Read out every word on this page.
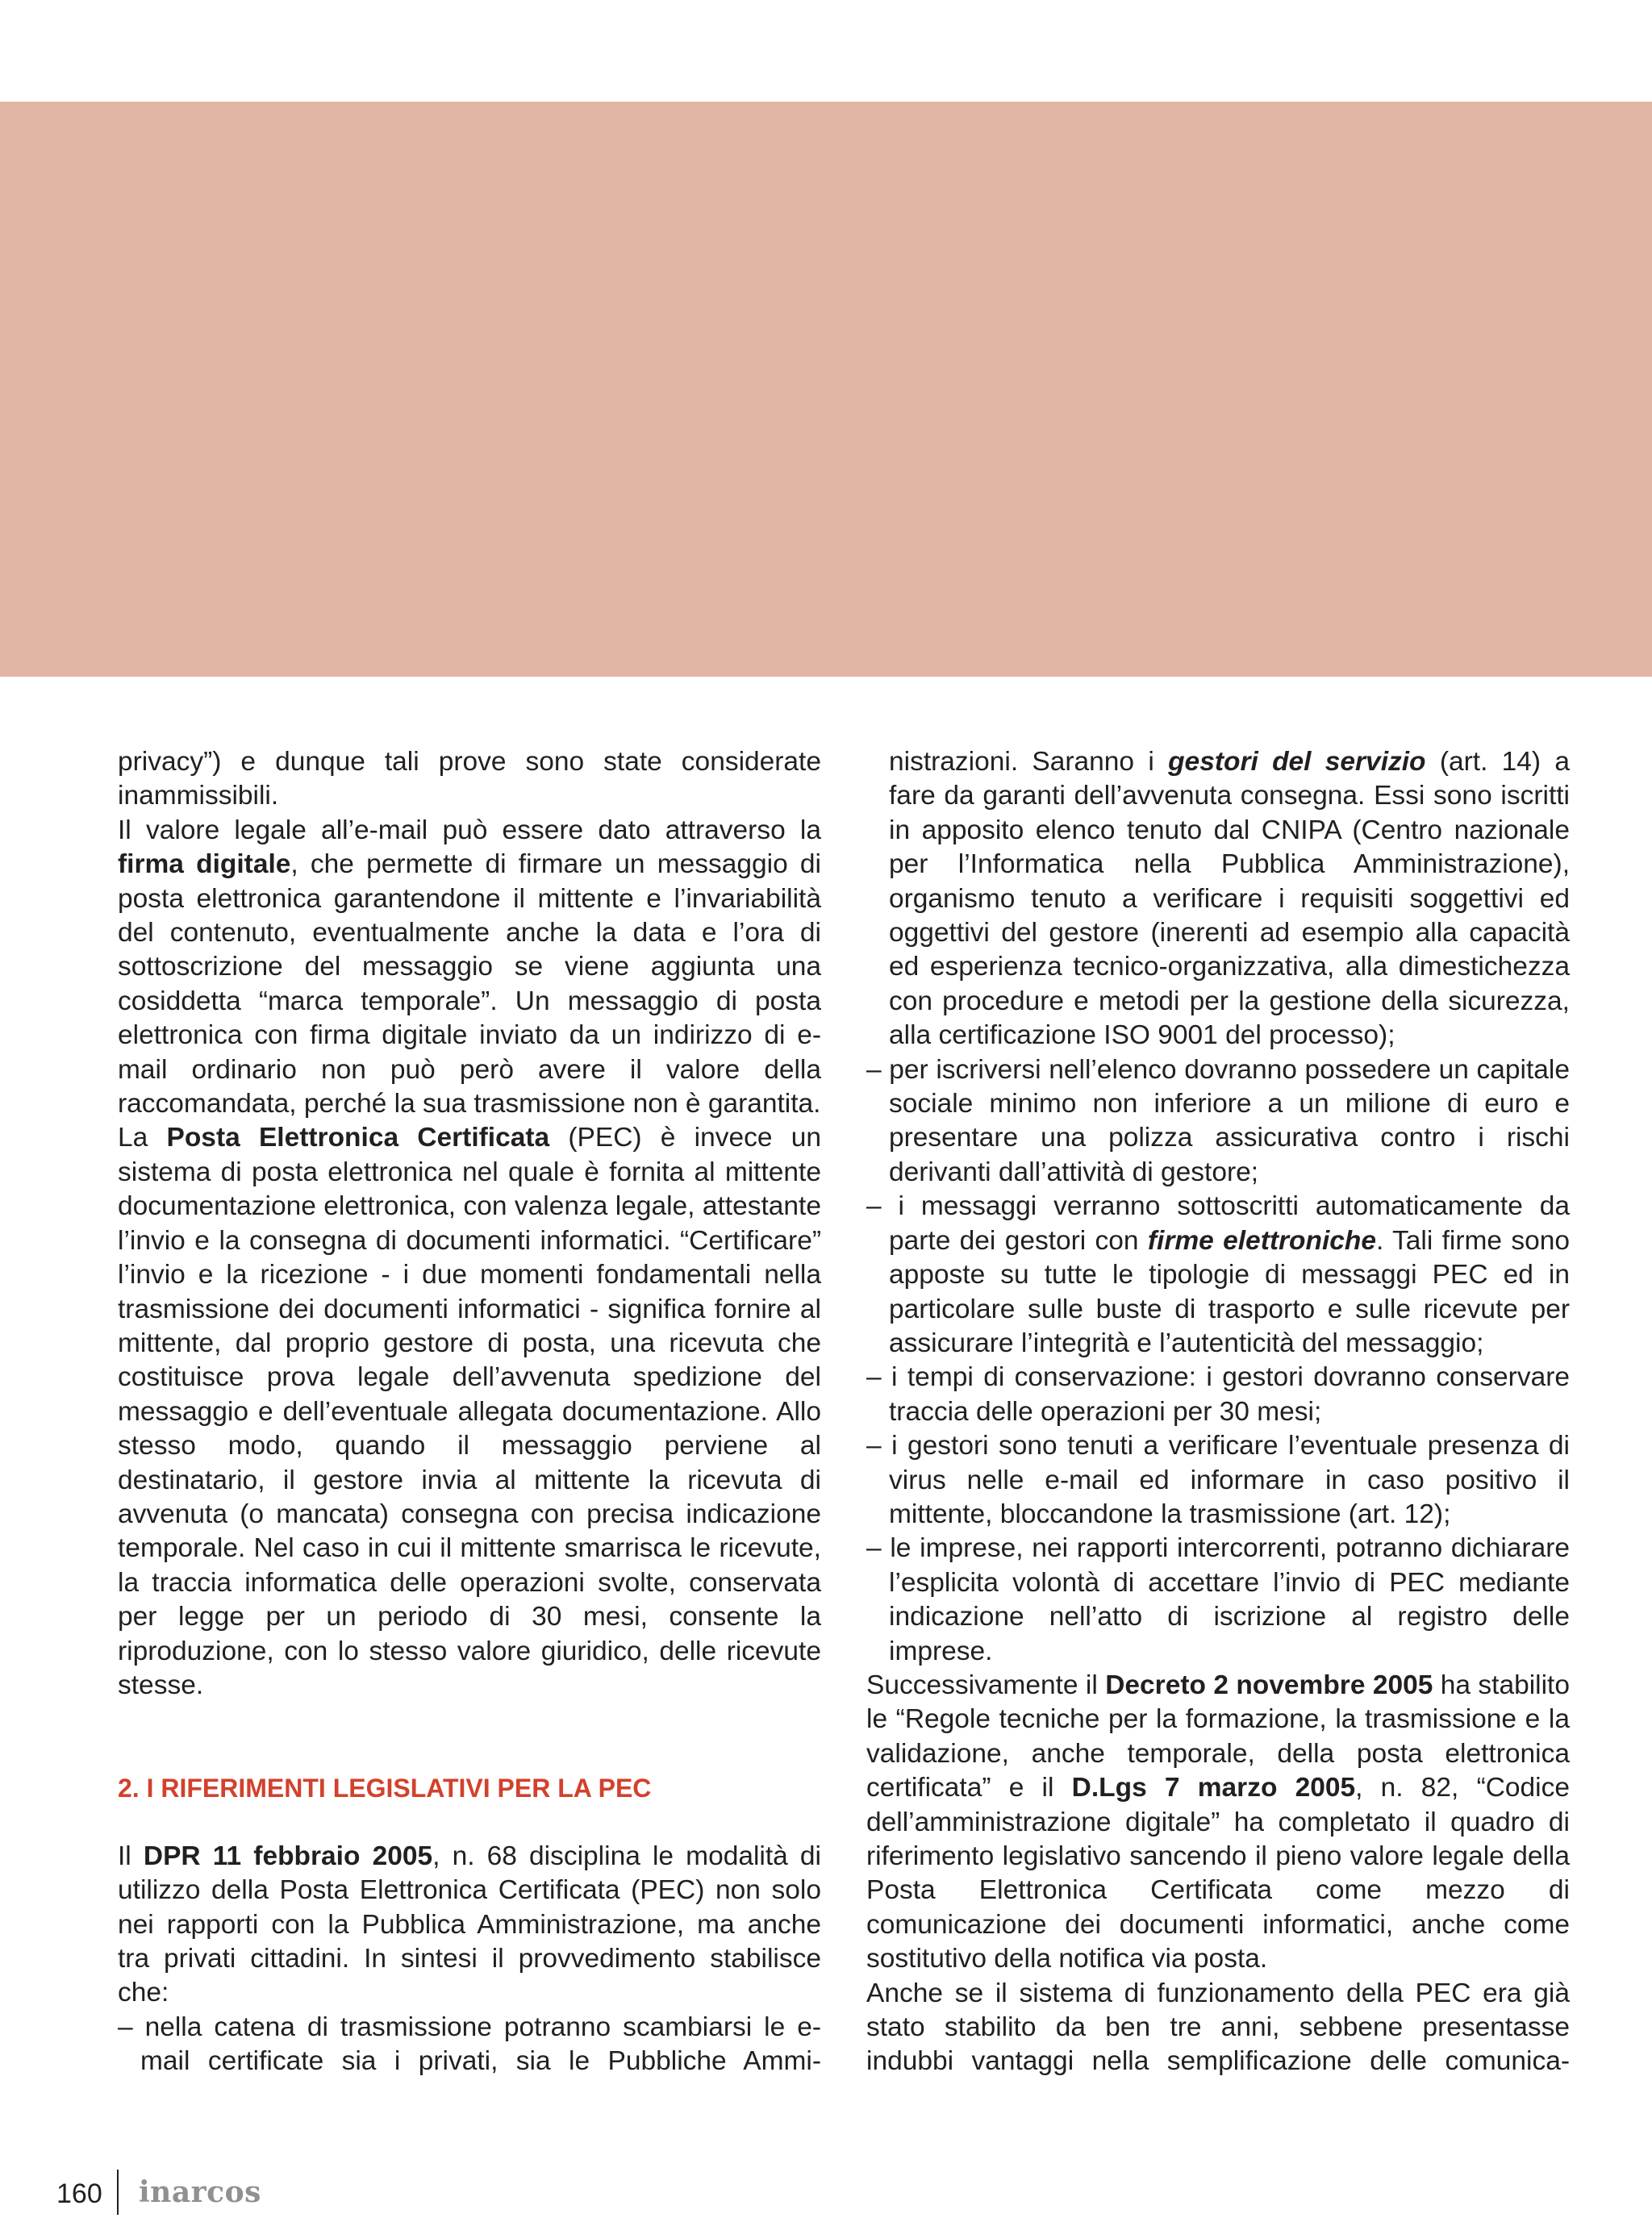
privacy”) e dunque tali prove sono state considerate inammissibili.

Il valore legale all’e-mail può essere dato attraverso la firma digitale, che permette di firmare un messaggio di posta elettronica garantendone il mittente e l’invariabilità del contenuto, eventualmente anche la data e l’ora di sottoscrizione del messaggio se viene aggiunta una cosiddetta “marca temporale”. Un messaggio di posta elettronica con firma digitale inviato da un indirizzo di e-mail ordinario non può però avere il valore della raccomandata, perché la sua trasmissione non è garantita.

La Posta Elettronica Certificata (PEC) è invece un sistema di posta elettronica nel quale è fornita al mittente documentazione elettronica, con valenza legale, attestante l’invio e la consegna di documenti informatici. “Certificare” l’invio e la ricezione - i due momenti fondamentali nella trasmissione dei documenti informatici - significa fornire al mittente, dal proprio gestore di posta, una ricevuta che costituisce prova legale dell’avvenuta spedizione del messaggio e dell’eventuale allegata documentazione. Allo stesso modo, quando il messaggio perviene al destinatario, il gestore invia al mittente la ricevuta di avvenuta (o mancata) consegna con precisa indicazione temporale. Nel caso in cui il mittente smarrisca le ricevute, la traccia informatica delle operazioni svolte, conservata per legge per un periodo di 30 mesi, consente la riproduzione, con lo stesso valore giuridico, delle ricevute stesse.

2. I RIFERIMENTI LEGISLATIVI PER LA PEC

Il DPR 11 febbraio 2005, n. 68 disciplina le modalità di utilizzo della Posta Elettronica Certificata (PEC) non solo nei rapporti con la Pubblica Amministrazione, ma anche tra privati cittadini. In sintesi il provvedimento stabilisce che:

– nella catena di trasmissione potranno scambiarsi le e-mail certificate sia i privati, sia le Pubbliche Ammi-

nistrazioni. Saranno i gestori del servizio (art. 14) a fare da garanti dell’avvenuta consegna. Essi sono iscritti in apposito elenco tenuto dal CNIPA (Centro nazionale per l’Informatica nella Pubblica Amministrazione), organismo tenuto a verificare i requisiti soggettivi ed oggettivi del gestore (inerenti ad esempio alla capacità ed esperienza tecnico-organizzativa, alla dimestichezza con procedure e metodi per la gestione della sicurezza, alla certificazione ISO 9001 del processo);

– per iscriversi nell’elenco dovranno possedere un capitale sociale minimo non inferiore a un milione di euro e presentare una polizza assicurativa contro i rischi derivanti dall’attività di gestore;

– i messaggi verranno sottoscritti automaticamente da parte dei gestori con firme elettroniche. Tali firme sono apposte su tutte le tipologie di messaggi PEC ed in particolare sulle buste di trasporto e sulle ricevute per assicurare l’integrità e l’autenticità del messaggio;

– i tempi di conservazione: i gestori dovranno conservare traccia delle operazioni per 30 mesi;

– i gestori sono tenuti a verificare l’eventuale presenza di virus nelle e-mail ed informare in caso positivo il mittente, bloccandone la trasmissione (art. 12);

– le imprese, nei rapporti intercorrenti, potranno dichiarare l’esplicita volontà di accettare l’invio di PEC mediante indicazione nell’atto di iscrizione al registro delle imprese.

Successivamente il Decreto 2 novembre 2005 ha stabilito le “Regole tecniche per la formazione, la trasmissione e la validazione, anche temporale, della posta elettronica certificata” e il D.Lgs 7 marzo 2005, n. 82, “Codice dell’amministrazione digitale” ha completato il quadro di riferimento legislativo sancendo il pieno valore legale della Posta Elettronica Certificata come mezzo di comunicazione dei documenti informatici, anche come sostitutivo della notifica via posta.

Anche se il sistema di funzionamento della PEC era già stato stabilito da ben tre anni, sebbene presentasse indubbi vantaggi nella semplificazione delle comunica-

160 inarcos
